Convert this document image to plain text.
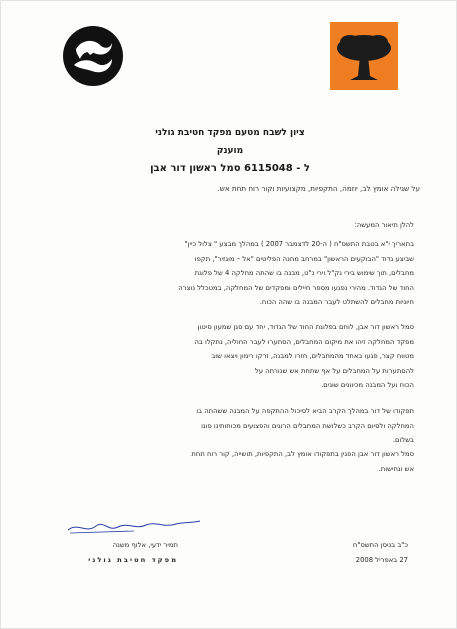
ציון לשבח מטעם מפקד חטיבת גולני
מוענק
ל - 6115048 סמל ראשון דור אבן
על שגילה אומץ לב, יוזמה, התקפיות, מקצועיות וקור רוח תחת אש.
להלן תיאור המעשה:
בתאריך י"א בטבת התשס"ח ( ה-20 לדצמבר 2007 ) במהלך מבצע " צלול כיין"
שביצע גדוד "הבוקעים הראשון" במרחב מחנה הפליטים "אל – מוגזיר", תקפו
מחבלים, תוך שימוש בירי נק"ל וירי נ"ט, מבנה בו שהתה מחלקה 4 של פלוגת
החוד של הגדוד. מהירי נפגעו מספר חיילים ומפקדים של המחלקה, במטכלל נוצרה
חיוניות מחבלים להשתלט לעבר המבנה בו שהה הכוח.
סמל ראשון דור אבן, לוחם בפלוגת החוד של הגדוד, יחד עם סגן שמעון סיטון
מפקד המחלקה זיהו את מיקום המחבלים, הסתערו לעבר החוליה, נתקלו בה
מטווח קצר, פגעו באחד מהמחבלים, חזרו למבנה, זרקו רימון ויצאו שוב
להסתערות על המחבלים על אף שתחת אש שנורתה על
הכוח ועל המבנה מכיוונים שונים.
תפקודו של דור במהלך הקרב הביא לסיכול ההתקפה על המבנה ששהתה בו
המחלקה ולסיום הקרב כשלושת המחבלים הרוגים והפצועים מכוחותינו פונו
בשלום.
סמל ראשון דור אבן הפגין בתפקודו אומץ לב, התקפיות, תושייה, קור רוח תחת
אש ונחישות.
תמיר ידעי, אלוף משנה
מפקד חטיבת גולני
כ"ב בניסן התשס"ח
27 באפריל 2008
